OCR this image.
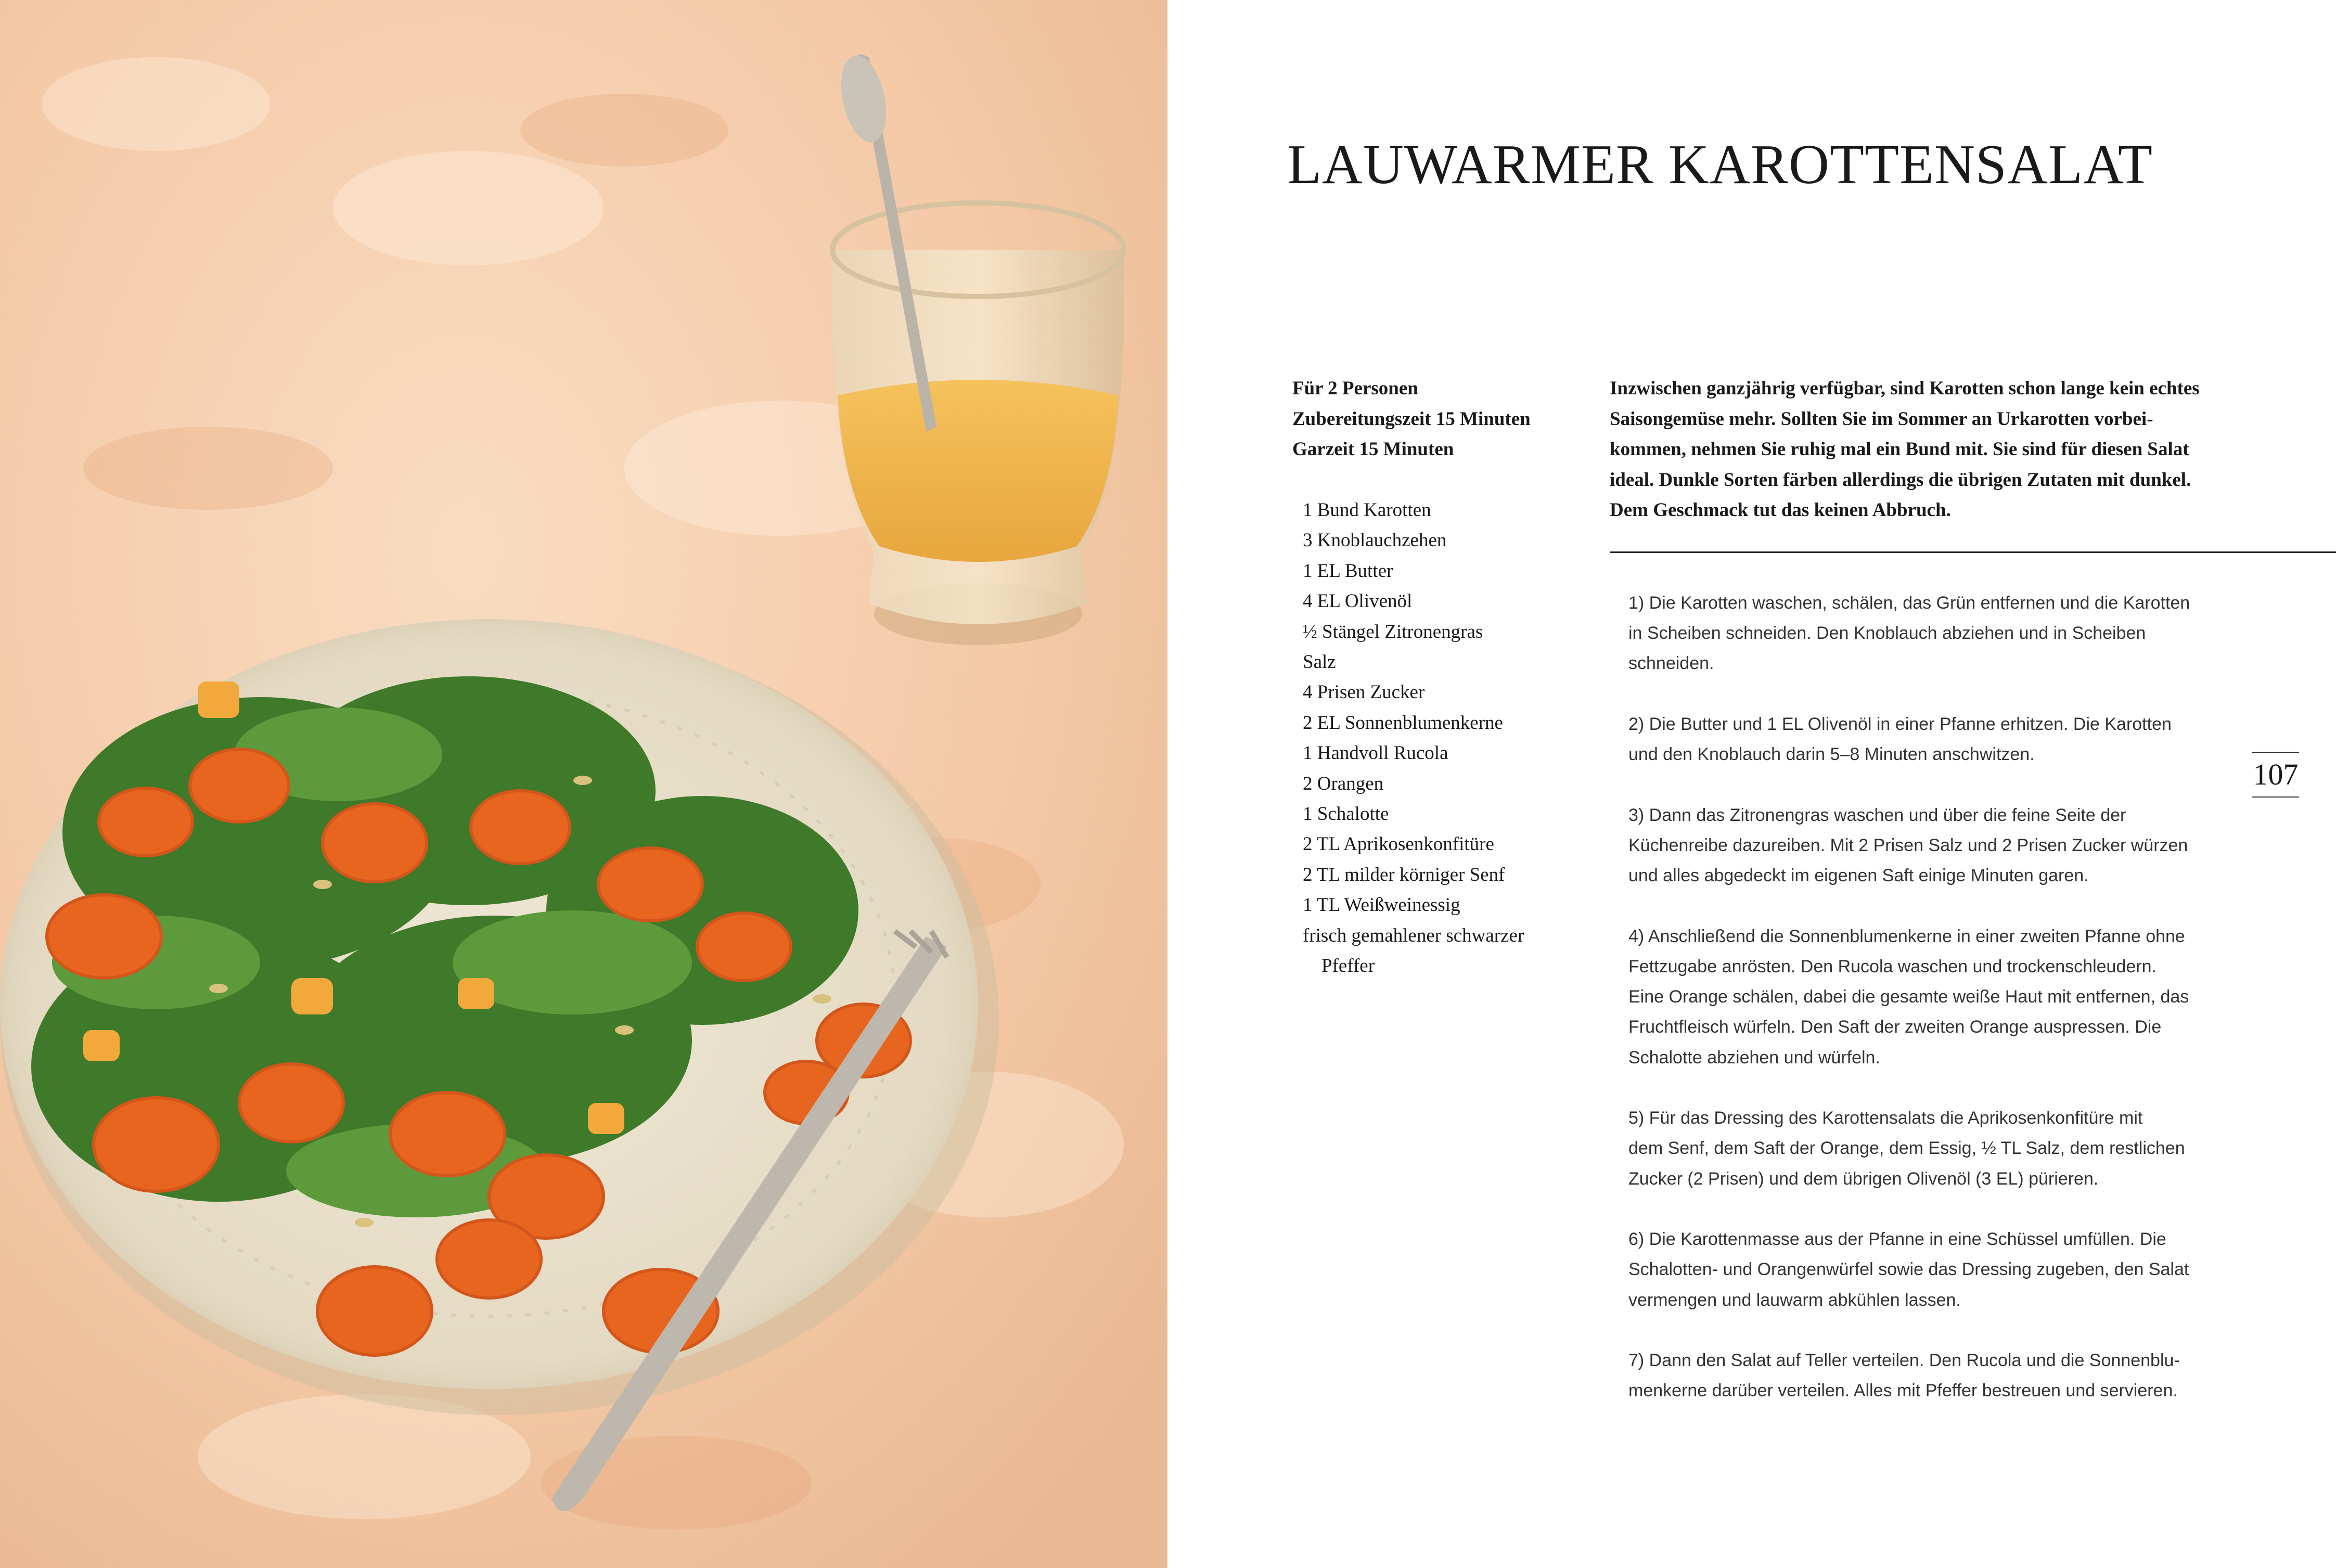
LAUWARMER KAROTTENSALAT
Für 2 Personen
Zubereitungszeit 15 Minuten
Garzeit 15 Minuten
1 Bund Karotten
3 Knoblauchzehen
1 EL Butter
4 EL Olivenöl
½ Stängel Zitronengras
Salz
4 Prisen Zucker
2 EL Sonnenblumenkerne
1 Handvoll Rucola
2 Orangen
1 Schalotte
2 TL Aprikosenkonfitüre
2 TL milder körniger Senf
1 TL Weißweinessig
frisch gemahlener schwarzer
Pfeffer
Inzwischen ganzjährig verfügbar, sind Karotten schon lange kein echtes
Saisongemüse mehr. Sollten Sie im Sommer an Urkarotten vorbei-
kommen, nehmen Sie ruhig mal ein Bund mit. Sie sind für diesen Salat
ideal. Dunkle Sorten färben allerdings die übrigen Zutaten mit dunkel.
Dem Geschmack tut das keinen Abbruch.
1) Die Karotten waschen, schälen, das Grün entfernen und die Karotten
in Scheiben schneiden. Den Knoblauch abziehen und in Scheiben
schneiden.
2) Die Butter und 1 EL Olivenöl in einer Pfanne erhitzen. Die Karotten
und den Knoblauch darin 5–8 Minuten anschwitzen.
3) Dann das Zitronengras waschen und über die feine Seite der
Küchenreibe dazureiben. Mit 2 Prisen Salz und 2 Prisen Zucker würzen
und alles abgedeckt im eigenen Saft einige Minuten garen.
4) Anschließend die Sonnenblumenkerne in einer zweiten Pfanne ohne
Fettzugabe anrösten. Den Rucola waschen und trockenschleudern.
Eine Orange schälen, dabei die gesamte weiße Haut mit entfernen, das
Fruchtfleisch würfeln. Den Saft der zweiten Orange auspressen. Die
Schalotte abziehen und würfeln.
5) Für das Dressing des Karottensalats die Aprikosenkonfitüre mit
dem Senf, dem Saft der Orange, dem Essig, ½ TL Salz, dem restlichen
Zucker (2 Prisen) und dem übrigen Olivenöl (3 EL) pürieren.
6) Die Karottenmasse aus der Pfanne in eine Schüssel umfüllen. Die
Schalotten- und Orangenwürfel sowie das Dressing zugeben, den Salat
vermengen und lauwarm abkühlen lassen.
7) Dann den Salat auf Teller verteilen. Den Rucola und die Sonnenblu-
menkerne darüber verteilen. Alles mit Pfeffer bestreuen und servieren.
107
